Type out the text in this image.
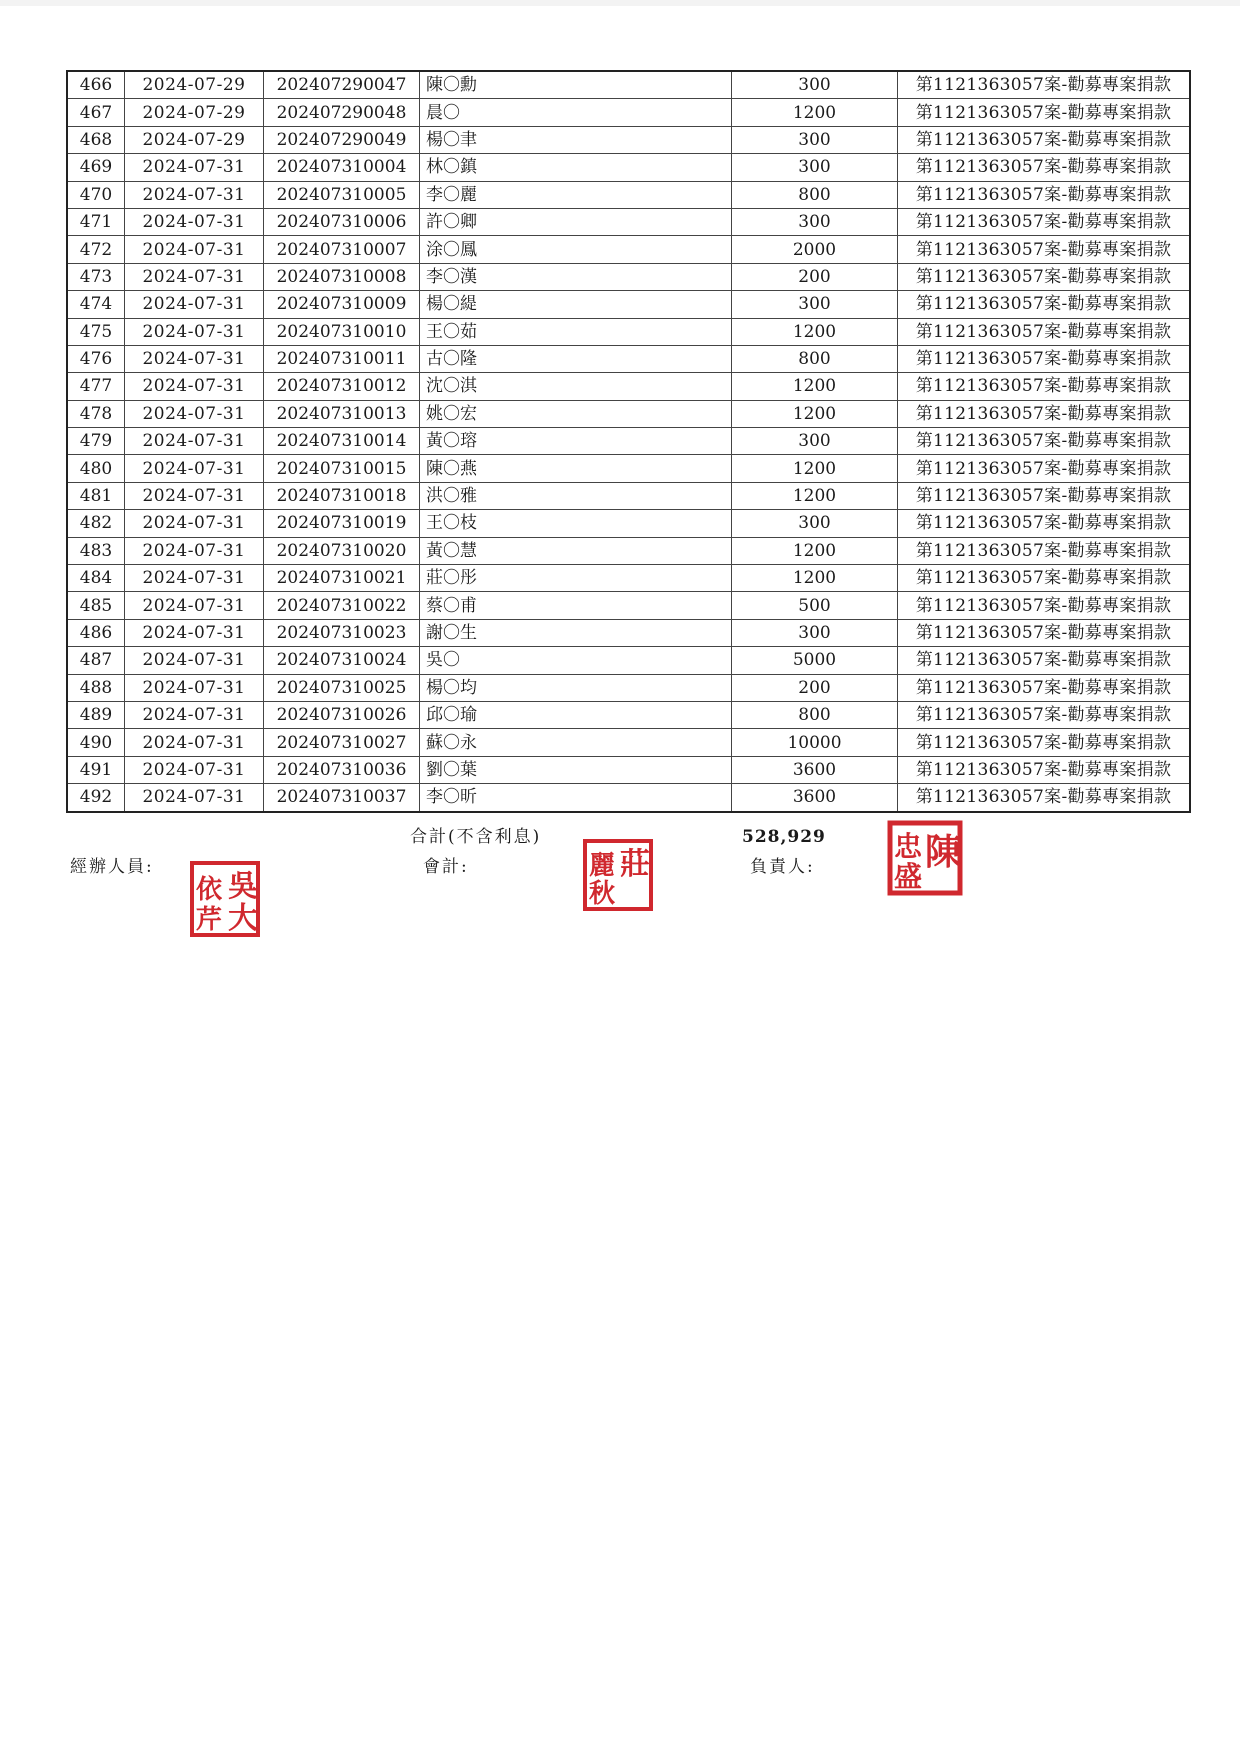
466	2024-07-29	202407290047	陳〇勳	300	第1121363057案-勸募專案捐款
467	2024-07-29	202407290048	晨〇	1200	第1121363057案-勸募專案捐款
468	2024-07-29	202407290049	楊〇聿	300	第1121363057案-勸募專案捐款
469	2024-07-31	202407310004	林〇鎮	300	第1121363057案-勸募專案捐款
470	2024-07-31	202407310005	李〇麗	800	第1121363057案-勸募專案捐款
471	2024-07-31	202407310006	許〇卿	300	第1121363057案-勸募專案捐款
472	2024-07-31	202407310007	涂〇鳳	2000	第1121363057案-勸募專案捐款
473	2024-07-31	202407310008	李〇漢	200	第1121363057案-勸募專案捐款
474	2024-07-31	202407310009	楊〇緹	300	第1121363057案-勸募專案捐款
475	2024-07-31	202407310010	王〇茹	1200	第1121363057案-勸募專案捐款
476	2024-07-31	202407310011	古〇隆	800	第1121363057案-勸募專案捐款
477	2024-07-31	202407310012	沈〇淇	1200	第1121363057案-勸募專案捐款
478	2024-07-31	202407310013	姚〇宏	1200	第1121363057案-勸募專案捐款
479	2024-07-31	202407310014	黃〇瑢	300	第1121363057案-勸募專案捐款
480	2024-07-31	202407310015	陳〇燕	1200	第1121363057案-勸募專案捐款
481	2024-07-31	202407310018	洪〇雅	1200	第1121363057案-勸募專案捐款
482	2024-07-31	202407310019	王〇枝	300	第1121363057案-勸募專案捐款
483	2024-07-31	202407310020	黃〇慧	1200	第1121363057案-勸募專案捐款
484	2024-07-31	202407310021	莊〇彤	1200	第1121363057案-勸募專案捐款
485	2024-07-31	202407310022	蔡〇甫	500	第1121363057案-勸募專案捐款
486	2024-07-31	202407310023	謝〇生	300	第1121363057案-勸募專案捐款
487	2024-07-31	202407310024	吳〇	5000	第1121363057案-勸募專案捐款
488	2024-07-31	202407310025	楊〇均	200	第1121363057案-勸募專案捐款
489	2024-07-31	202407310026	邱〇瑜	800	第1121363057案-勸募專案捐款
490	2024-07-31	202407310027	蘇〇永	10000	第1121363057案-勸募專案捐款
491	2024-07-31	202407310036	劉〇葉	3600	第1121363057案-勸募專案捐款
492	2024-07-31	202407310037	李〇昕	3600	第1121363057案-勸募專案捐款
合計(不含利息)	528,929
經辦人員:	會計:	負責人:
吳
依
芹 大
莊
麗
秋
陳
忠
盛
